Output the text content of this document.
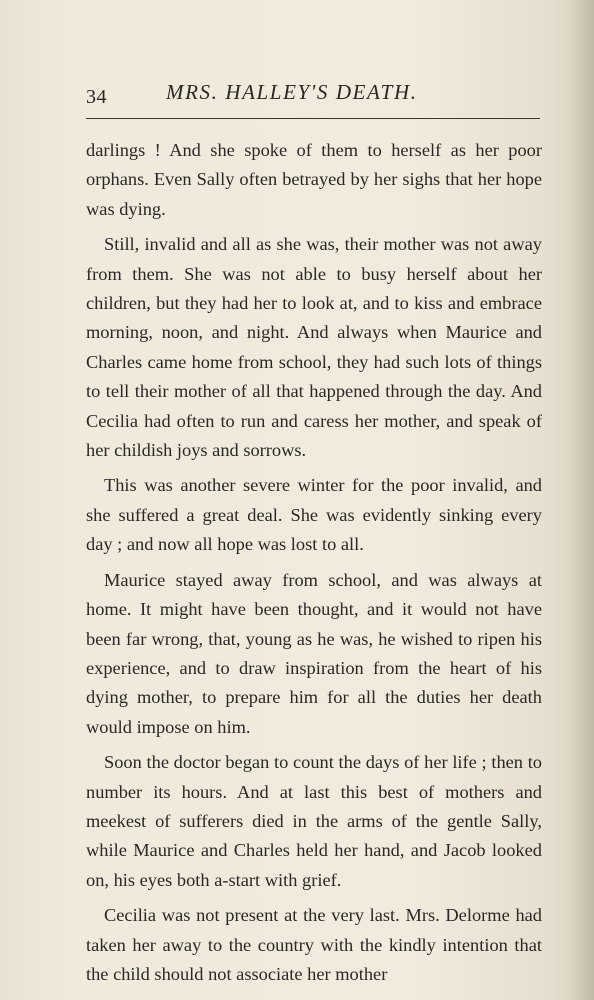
34	MRS. HALLEY'S DEATH.

darlings ! And she spoke of them to herself as her poor orphans. Even Sally often betrayed by her sighs that her hope was dying.

Still, invalid and all as she was, their mother was not away from them. She was not able to busy herself about her children, but they had her to look at, and to kiss and embrace morning, noon, and night. And always when Maurice and Charles came home from school, they had such lots of things to tell their mother of all that happened through the day. And Cecilia had often to run and caress her mother, and speak of her childish joys and sorrows.

This was another severe winter for the poor invalid, and she suffered a great deal. She was evidently sinking every day ; and now all hope was lost to all.

Maurice stayed away from school, and was always at home. It might have been thought, and it would not have been far wrong, that, young as he was, he wished to ripen his experience, and to draw inspiration from the heart of his dying mother, to prepare him for all the duties her death would impose on him.

Soon the doctor began to count the days of her life ; then to number its hours. And at last this best of mothers and meekest of sufferers died in the arms of the gentle Sally, while Maurice and Charles held her hand, and Jacob looked on, his eyes both a-start with grief.

Cecilia was not present at the very last. Mrs. Delorme had taken her away to the country with the kindly intention that the child should not associate her mother
